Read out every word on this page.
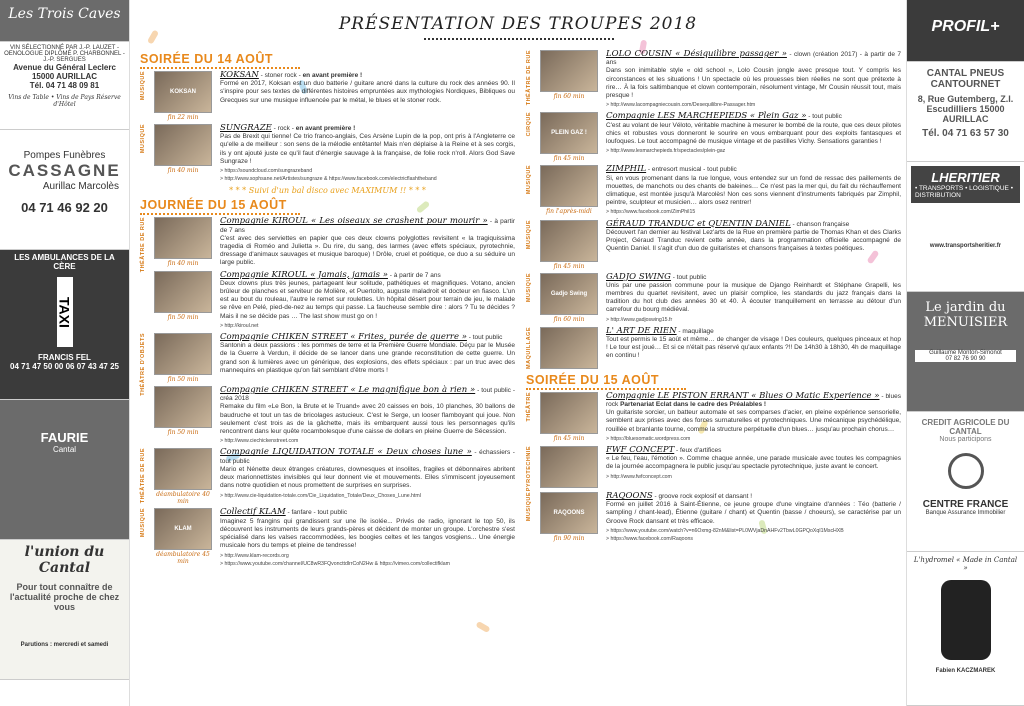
Les Trois Caves
VIN SÉLECTIONNÉ PAR J.-P. LAUZET - OENOLOGUE DIPLÔMÉ P. CHARBONNEL - J.-P. SERGUES
Avenue du Général Leclerc
15000 AURILLAC
Tél. 04 71 48 09 81
Vins de Table • Vins de Pays Réserve d'Hôtel
Pompes Funèbres
CASSAGNE
Aurillac Marcolès
04 71 46 92 20
LES AMBULANCES DE LA CÈRE
TAXI
FRANCIS FEL
04 71 47 50 00 06 07 43 47 25
FAURIE
Cantal
l'union du Cantal
Pour tout connaître de l'actualité proche de chez vous
Parutions : mercredi et samedi
PRÉSENTATION DES TROUPES 2018
SOIRÉE DU 14 AOÛT
MUSIQUE	KOKSAN
fin 22 min
KOKSAN - stoner rock - en avant première !
Formé en 2017, Koksan est un duo batterie / guitare ancré dans la culture du rock des années 90. Il s'inspire pour ses textes de différentes histoires empruntées aux mythologies Nordiques, Bibliques ou Grecques sur une musique influencée par le métal, le blues et le stoner rock.
MUSIQUE
fin 40 min
SUNGRAZE - rock - en avant première !
Pas de Brexit qui tienne! Ce trio franco-anglais, Ces Arsène Lupin de la pop, ont pris à l'Angleterre ce qu'elle a de meilleur : son sens de la mélodie entêtante! Mais n'en déplaise à la Reine et à ses corgis, ils y ont ajouté juste ce qu'il faut d'énergie sauvage à la française, de folie rock n'roll. Alors God Save Sungraze !
> https://soundcloud.com/sungrazeband
> http://www.sophsane.net/Artistes/sungraze & https://www.facebook.com/electricflashtheband
* * * Suivi d'un bal disco avec MAXIMUM !! * * *
JOURNÉE DU 15 AOÛT
THÉÂTRE DE RUE	fin 40 min
Compagnie KIROUL « Les oiseaux se crashent pour mourir » - à partir de 7 ans
C'est avec des serviettes en papier que ces deux clowns polyglottes revisitent « la tragiquissima tragedia di Roméo and Julietta ». Du rire, du sang, des larmes (avec effets spéciaux, pyrotechnie, dressage d'animaux sauvages et musique baroque) ! Drôle, cruel et poétique, ce duo a su séduire un large public.
fin 50 min
Compagnie KIROUL « Jamais, jamais » - à partir de 7 ans
Deux clowns plus très jeunes, partageant leur solitude, pathétiques et magnifiques. Votano, ancien brûleur de planches et serviteur de Molière, et Puertoito, auguste maladroit et docteur en fiasco. L'un est au bout du rouleau, l'autre le remet sur roulettes. Un hôpital désert pour terrain de jeu, le malade se rêve en Pelé, pied-de-nez au temps qui passe. La faucheuse semble dire : alors ? Tu te décides ? Mais il ne se décide pas … The last show must go on !
> http://kiroul.net
THÉÂTRE D'OBJETS	fin 50 min
Compagnie CHIKEN STREET « Frites, purée de guerre » - tout public
Santonin a deux passions : les pommes de terre et la Première Guerre Mondiale. Déçu par le Musée de la Guerre à Verdun, il décide de se lancer dans une grande reconstitution de cette guerre. Un grand son & lumières avec un générique, des explosions, des effets spéciaux : par un truc avec des mannequins en plastique qu'on fait semblant d'être morts !
fin 50 min
Compagnie CHIKEN STREET « Le magnifique bon à rien » - tout public - créa 2018
Remake du film «Le Bon, la Brute et le Truand» avec 20 caisses en bois, 10 planches, 30 ballons de baudruche et tout un tas de bricolages astucieux. C'est le Serge, un looser flamboyant qui joue. Non seulement c'est trois as de la gâchette, mais ils embarquent aussi tous les personnages qu'ils rencontrent dans leur quête rocambolesque d'une caisse de dollars en pleine Guerre de Sécession.
> http://www.ciechickenstreet.com
THÉÂTRE DE RUE	déambulatoire 40 min
Compagnie LIQUIDATION TOTALE « Deux choses lune » - échassiers - tout public
Mario et Nénette deux étranges créatures, clownesques et insolites, fragiles et débonnaires abritent deux marionnettistes invisibles qui leur donnent vie et mouvements. Elles s'immiscent joyeusement dans notre quotidien et nous promettent de surprises en surprises.
> http://www.cie-liquidation-totale.com/Cie_Liquidation_Totale/Deux_Choses_Lune.html
MUSIQUE	KLAM
déambulatoire 45 min
Collectif KLAM - fanfare - tout public
Imaginez 5 frangins qui grandissent sur une île isolée... Privés de radio, ignorant le top 50, ils découvrent les instruments de leurs grands-pères et décident de monter un groupe. L'orchestre s'est spécialisé dans les valses raccommodées, les boogies celtes et les tangos vosgiens... Une énergie musicale hors du temps et pleine de tendresse!
> http://www.klam-records.org
> https://www.youtube.com/channel/UC8wR3FQvoncttdlrrCoN2Hw & https://vimeo.com/collectifklam
THÉÂTRE DE RUE	fin 60 min
LOLO COUSIN « Désiquilibre passager » - clown (création 2017) - à partir de 7 ans
Dans son inimitable style « old school », Lolo Cousin jongle avec presque tout. Y compris les circonstances et les situations ! Un spectacle où les prouesses bien réelles ne sont que prétexte à rire… À la fois saltimbanque et clown contemporain, résolument vintage, Mr Cousin réussit tout, mais presque !
> http://www.lacompagniecousin.com/Desequilibre-Passager.htm
CIRQUE	PLEIN GAZ !
fin 45 min
Compagnie LES MARCHEPIEDS « Plein Gaz » - tout public
C'est au volant de leur Véloto, véritable machine à mesurer le bombé de la route, que ces deux pilotes chics et robustes vous donneront le sourire en vous embarquant pour des exploits fantasques et loufoques. Le tout accompagné de musique vintage et de pastilles Vichy. Sensations garanties !
> http://www.lesmarchepieds.fr/spectacles/plein-gaz
MUSIQUE
fin l'après-midi
ZIMPHIL - entresort musical - tout public
Si, en vous promenant dans la rue longue, vous entendez sur un fond de ressac des paillements de mouettes, de manchots ou des chants de baleines… Ce n'est pas la mer qui, du fait du réchauffement climatique, est montée jusqu'à Marcolès! Non ces sons viennent d'instruments fabriqués par Zimphil, peintre, sculpteur et musicien… alors osez rentrer!
> https://www.facebook.com/ZimPhil15
MUSIQUE
fin 45 min
GÉRAUD TRANDUC et QUENTIN DANIEL - chanson française
Découvert l'an dernier au festival Lez'arts de la Rue en première partie de Thomas Khan et des Clarks Project, Géraud Tranduc revient cette année, dans la programmation officielle accompagné de Quentin Daniel. Il s'agit d'un duo de guitaristes et chansons françaises à textes poétiques.
MUSIQUE	Gadjo Swing
fin 60 min
GADJO SWING - tout public
Unis par une passion commune pour la musique de Django Reinhardt et Stéphane Grapelli, les membres du quartet revisitent, avec un plaisir complice, les standards du jazz français dans la tradition du hot club des années 30 et 40. À écouter tranquillement en terrasse au détour d'un carrefour du bourg médiéval.
> http://www.gadjoswing15.fr
MAQUILLAGE	L' ART DE RIEN - maquillage
Tout est permis le 15 août et même… de changer de visage ! Des couleurs, quelques pinceaux et hop ! Le tour est joué… Et si ce n'était pas réservé qu'aux enfants ?!! De 14h30 à 18h30, 4h de maquillage en continu !
SOIRÉE DU 15 AOÛT
THÉÂTRE
fin 45 min
Compagnie LE PISTON ERRANT « Blues O Matic Experience » - blues rock Partenariat Eclat dans le cadre des Préalables !
Un guitariste sorcier, un batteur automate et ses comparses d'acier, en pleine expérience sensorielle, semblent aux prises avec des forces surnaturelles et pyrotechniques. Une mécanique psychédélique, rouillée et branlante tourne, comme la structure perpétuelle d'un blues… jusqu'au prochain chorus…
> https://bluesomatic.wordpress.com
PYROTECHNIE	FWF CONCEPT - feux d'artifices
« Le feu, l'eau, l'émotion ». Comme chaque année, une parade musicale avec toutes les compagnies de la journée accompagnera le public jusqu'au spectacle pyrotechnique, juste avant le concert.
> http://www.fwfconcept.com
MUSIQUE	RAQOONS
fin 90 min
RAQOONS - groove rock explosif et dansant !
Formé en juillet 2016 à Saint-Étienne, ce jeune groupe d'une vingtaine d'années : Téo (batterie / sampling / chant-lead), Étienne (guitare / chant) et Quentin (basse / choeurs), se caractérise par un Groove Rock dansant et très efficace.
> https://www.youtube.com/watch?v=n6Oxmg-82nM&list=PL0WVjaDnAHFv2TbwL0GPQoXqI1MscHXB
> https://www.facebook.com/Raqoons
PROFIL+
CANTAL PNEUS CANTOURNET
8, Rue Gutemberg, Z.I. Escudilliers 15000 AURILLAC
Tél. 04 71 63 57 30
LHERITIER
• TRANSPORTS • LOGISTIQUE • DISTRIBUTION
www.transportsheritier.fr
Le jardin du MENUISIER
Guillaume Monton-Simonot
07 82 76 90 90
CREDIT AGRICOLE DU CANTAL
Nous participons
CENTRE FRANCE
Banque Assurance Immobilier
L'hydromel « Made in Cantal »
Fabien KACZMAREK
